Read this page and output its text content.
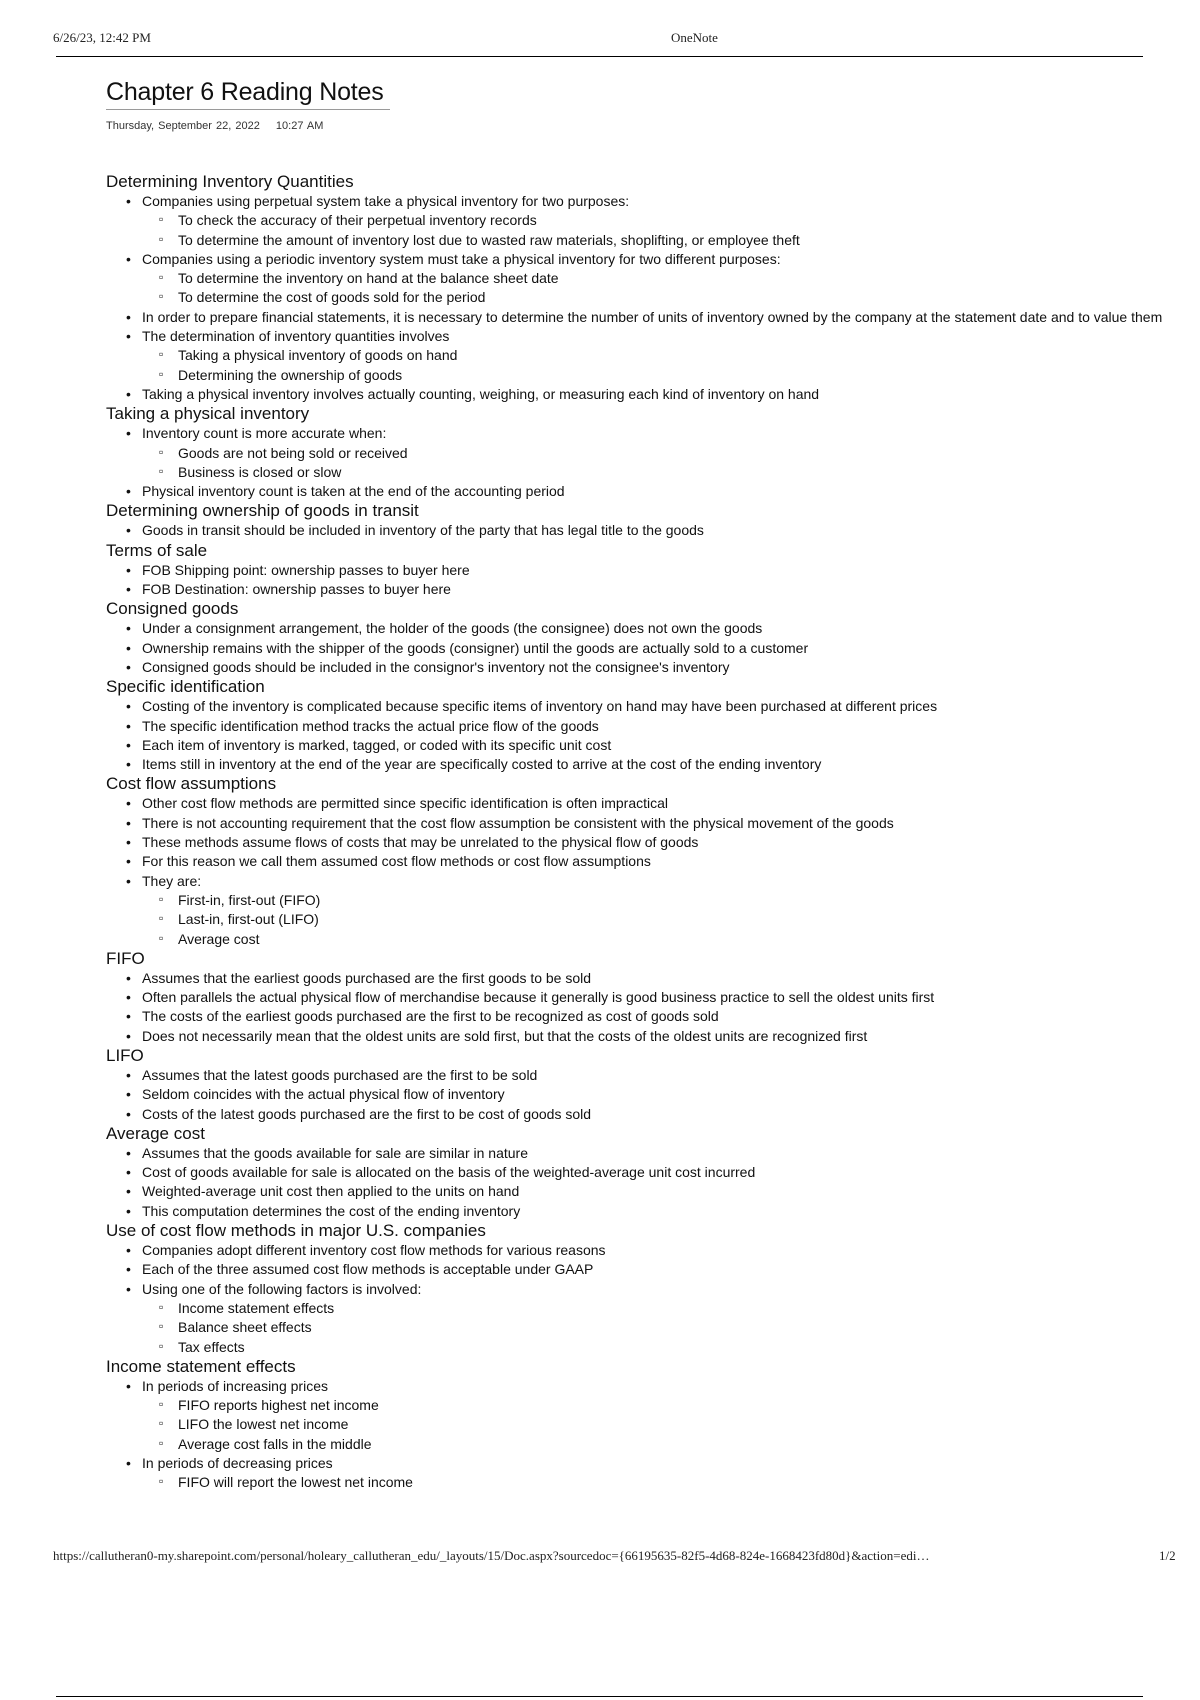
6/26/23, 12:42 PM	OneNote
Chapter 6 Reading Notes
Thursday, September 22, 2022 10:27 AM
Determining Inventory Quantities
• Companies using perpetual system take a physical inventory for two purposes:
▫ To check the accuracy of their perpetual inventory records
▫ To determine the amount of inventory lost due to wasted raw materials, shoplifting, or employee theft
• Companies using a periodic inventory system must take a physical inventory for two different purposes:
▫ To determine the inventory on hand at the balance sheet date
▫ To determine the cost of goods sold for the period
• In order to prepare financial statements, it is necessary to determine the number of units of inventory owned by the company at the statement date and to value them
• The determination of inventory quantities involves
▫ Taking a physical inventory of goods on hand
▫ Determining the ownership of goods
• Taking a physical inventory involves actually counting, weighing, or measuring each kind of inventory on hand
Taking a physical inventory
• Inventory count is more accurate when:
▫ Goods are not being sold or received
▫ Business is closed or slow
• Physical inventory count is taken at the end of the accounting period
Determining ownership of goods in transit
• Goods in transit should be included in inventory of the party that has legal title to the goods
Terms of sale
• FOB Shipping point: ownership passes to buyer here
• FOB Destination: ownership passes to buyer here
Consigned goods
• Under a consignment arrangement, the holder of the goods (the consignee) does not own the goods
• Ownership remains with the shipper of the goods (consigner) until the goods are actually sold to a customer
• Consigned goods should be included in the consignor's inventory not the consignee's inventory
Specific identification
• Costing of the inventory is complicated because specific items of inventory on hand may have been purchased at different prices
• The specific identification method tracks the actual price flow of the goods
• Each item of inventory is marked, tagged, or coded with its specific unit cost
• Items still in inventory at the end of the year are specifically costed to arrive at the cost of the ending inventory
Cost flow assumptions
• Other cost flow methods are permitted since specific identification is often impractical
• There is not accounting requirement that the cost flow assumption be consistent with the physical movement of the goods
• These methods assume flows of costs that may be unrelated to the physical flow of goods
• For this reason we call them assumed cost flow methods or cost flow assumptions
• They are:
▫ First-in, first-out (FIFO)
▫ Last-in, first-out (LIFO)
▫ Average cost
FIFO
• Assumes that the earliest goods purchased are the first goods to be sold
• Often parallels the actual physical flow of merchandise because it generally is good business practice to sell the oldest units first
• The costs of the earliest goods purchased are the first to be recognized as cost of goods sold
• Does not necessarily mean that the oldest units are sold first, but that the costs of the oldest units are recognized first
LIFO
• Assumes that the latest goods purchased are the first to be sold
• Seldom coincides with the actual physical flow of inventory
• Costs of the latest goods purchased are the first to be cost of goods sold
Average cost
• Assumes that the goods available for sale are similar in nature
• Cost of goods available for sale is allocated on the basis of the weighted-average unit cost incurred
• Weighted-average unit cost then applied to the units on hand
• This computation determines the cost of the ending inventory
Use of cost flow methods in major U.S. companies
• Companies adopt different inventory cost flow methods for various reasons
• Each of the three assumed cost flow methods is acceptable under GAAP
• Using one of the following factors is involved:
▫ Income statement effects
▫ Balance sheet effects
▫ Tax effects
Income statement effects
• In periods of increasing prices
▫ FIFO reports highest net income
▫ LIFO the lowest net income
▫ Average cost falls in the middle
• In periods of decreasing prices
▫ FIFO will report the lowest net income
https://callutheran0-my.sharepoint.com/personal/holeary_callutheran_edu/_layouts/15/Doc.aspx?sourcedoc={66195635-82f5-4d68-824e-1668423fd80d}&action=edi…	1/2
